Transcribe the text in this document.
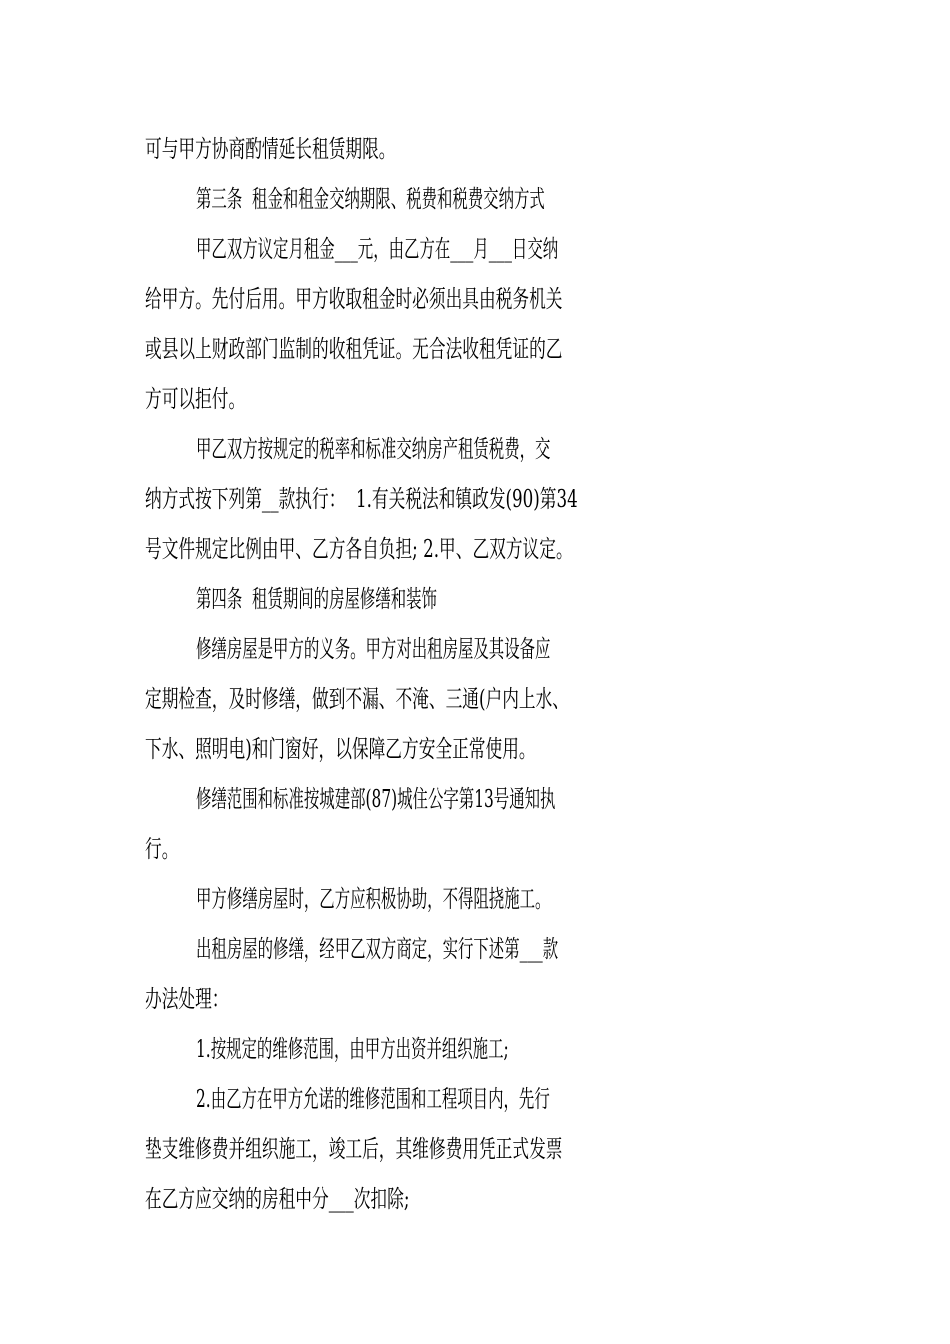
可与甲方协商酌情延长租赁期限。
第三条  租金和租金交纳期限、税费和税费交纳方式
甲乙双方议定月租金___元，由乙方在___月___日交纳
给甲方。先付后用。甲方收取租金时必须出具由税务机关
或县以上财政部门监制的收租凭证。无合法收租凭证的乙
方可以拒付。
甲乙双方按规定的税率和标准交纳房产租赁税费，交
纳方式按下列第__款执行：  1.有关税法和镇政发(90)第34
号文件规定比例由甲、乙方各自负担; 2.甲、乙双方议定。
第四条  租赁期间的房屋修缮和装饰
修缮房屋是甲方的义务。甲方对出租房屋及其设备应
定期检查，及时修缮，做到不漏、不淹、三通(户内上水、
下水、照明电)和门窗好，以保障乙方安全正常使用。
修缮范围和标准按城建部(87)城住公字第13号通知执
行。
甲方修缮房屋时，乙方应积极协助，不得阻挠施工。
出租房屋的修缮，经甲乙双方商定，实行下述第___款
办法处理：
1.按规定的维修范围，由甲方出资并组织施工;
2.由乙方在甲方允诺的维修范围和工程项目内，先行
垫支维修费并组织施工，竣工后，其维修费用凭正式发票
在乙方应交纳的房租中分___次扣除;
